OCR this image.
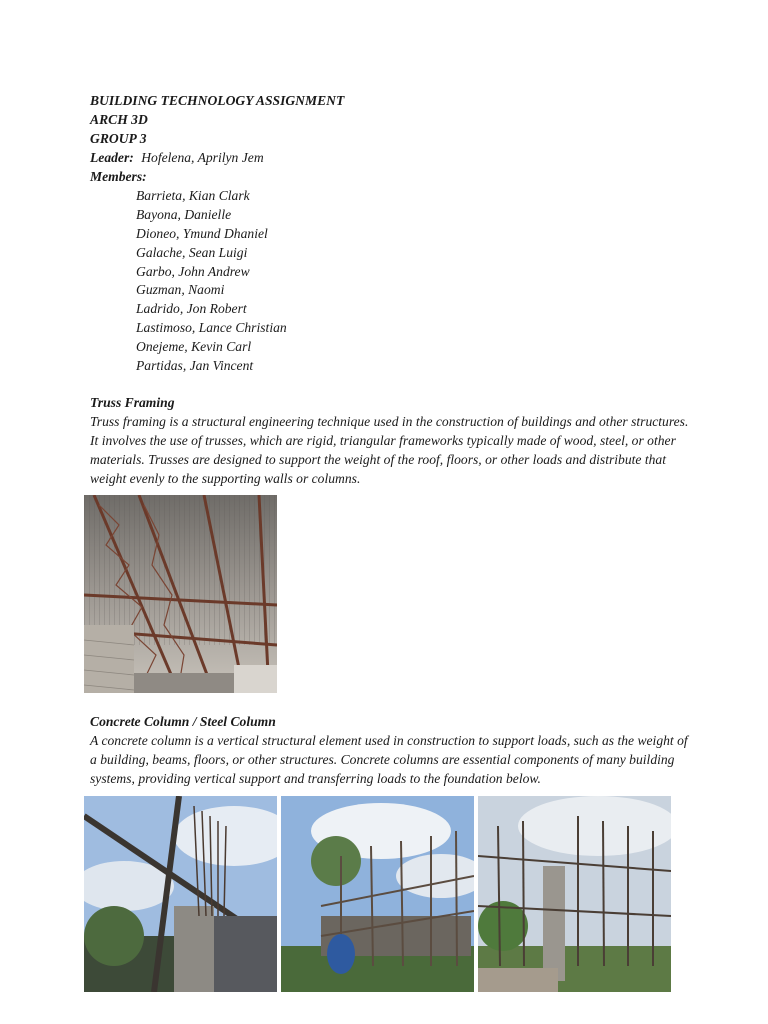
BUILDING TECHNOLOGY ASSIGNMENT
ARCH 3D
GROUP 3
Leader: Hofelena, Aprilyn Jem
Members:
Barrieta, Kian Clark
Bayona, Danielle
Dioneo, Ymund Dhaniel
Galache, Sean Luigi
Garbo, John Andrew
Guzman, Naomi
Ladrido, Jon Robert
Lastimoso, Lance Christian
Onejeme, Kevin Carl
Partidas, Jan Vincent
Truss Framing
Truss framing is a structural engineering technique used in the construction of buildings and other structures. It involves the use of trusses, which are rigid, triangular frameworks typically made of wood, steel, or other materials. Trusses are designed to support the weight of the roof, floors, or other loads and distribute that weight evenly to the supporting walls or columns.
Concrete Column / Steel Column
A concrete column is a vertical structural element used in construction to support loads, such as the weight of a building, beams, floors, or other structures. Concrete columns are essential components of many building systems, providing vertical support and transferring loads to the foundation below.
